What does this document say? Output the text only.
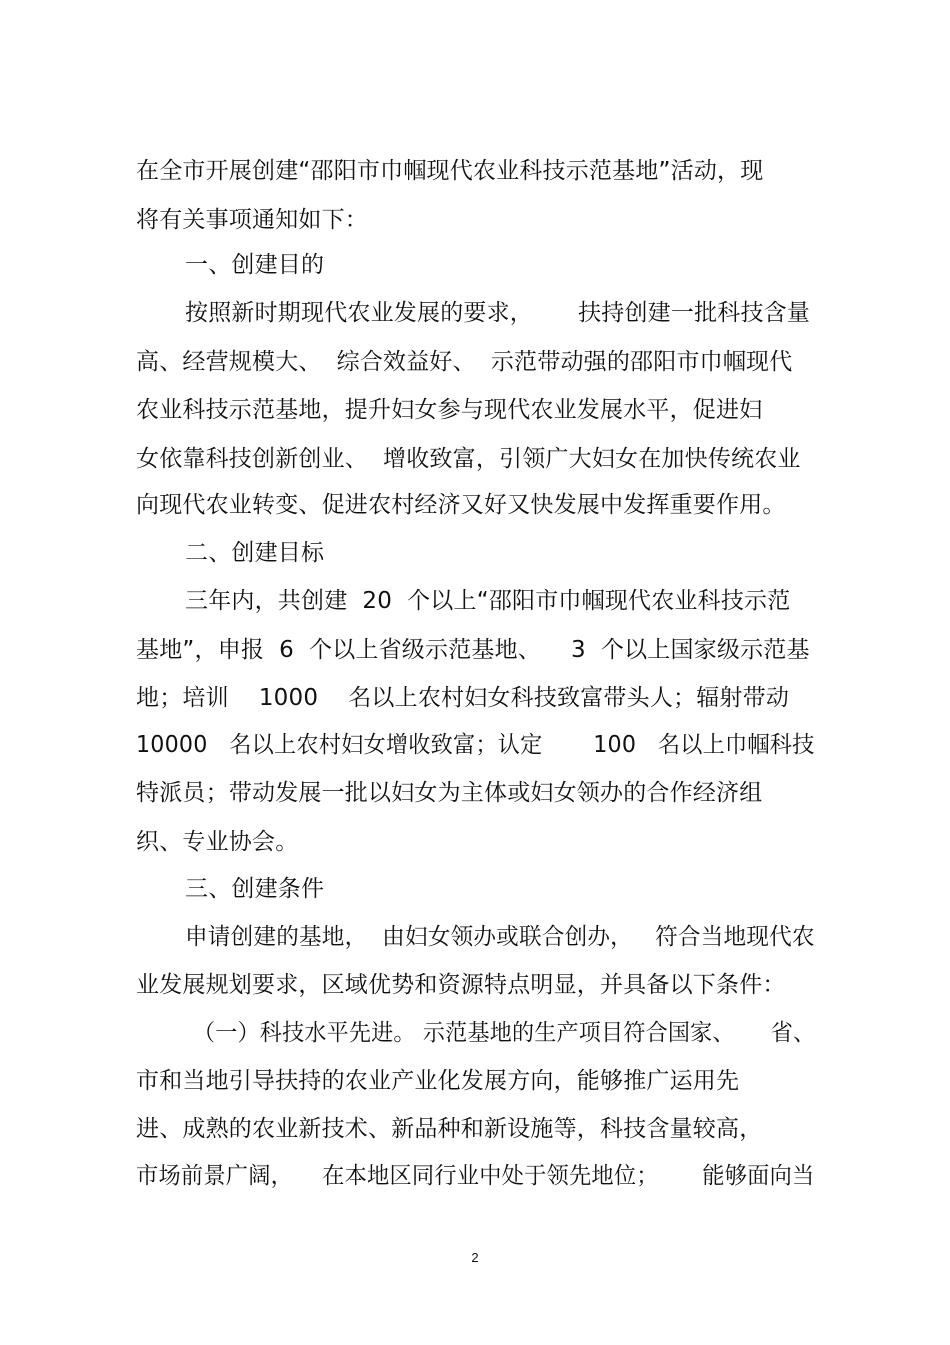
在全市开展创建“邵阳市巾帼现代农业科技示范基地”活动，现
将有关事项通知如下：
一、创建目的
按照新时期现代农业发展的要求，      扶持创建一批科技含量
高、经营规模大、  综合效益好、  示范带动强的邵阳市巾帼现代
农业科技示范基地，提升妇女参与现代农业发展水平，促进妇
女依靠科技创新创业、  增收致富，引领广大妇女在加快传统农业
向现代农业转变、促进农村经济又好又快发展中发挥重要作用。
二、创建目标
三年内，共创建  20  个以上“邵阳市巾帼现代农业科技示范
基地”，申报  6  个以上省级示范基地、    3  个以上国家级示范基
地；培训    1000    名以上农村妇女科技致富带头人；辐射带动
10000   名以上农村妇女增收致富；认定       100   名以上巾帼科技
特派员；带动发展一批以妇女为主体或妇女领办的合作经济组
织、专业协会。
三、创建条件
申请创建的基地，  由妇女领办或联合创办，   符合当地现代农
业发展规划要求，区域优势和资源特点明显，并具备以下条件：
（一）科技水平先进。 示范基地的生产项目符合国家、     省、
市和当地引导扶持的农业产业化发展方向，能够推广运用先
进、成熟的农业新技术、新品种和新设施等，科技含量较高，
市场前景广阔，    在本地区同行业中处于领先地位；      能够面向当
2
